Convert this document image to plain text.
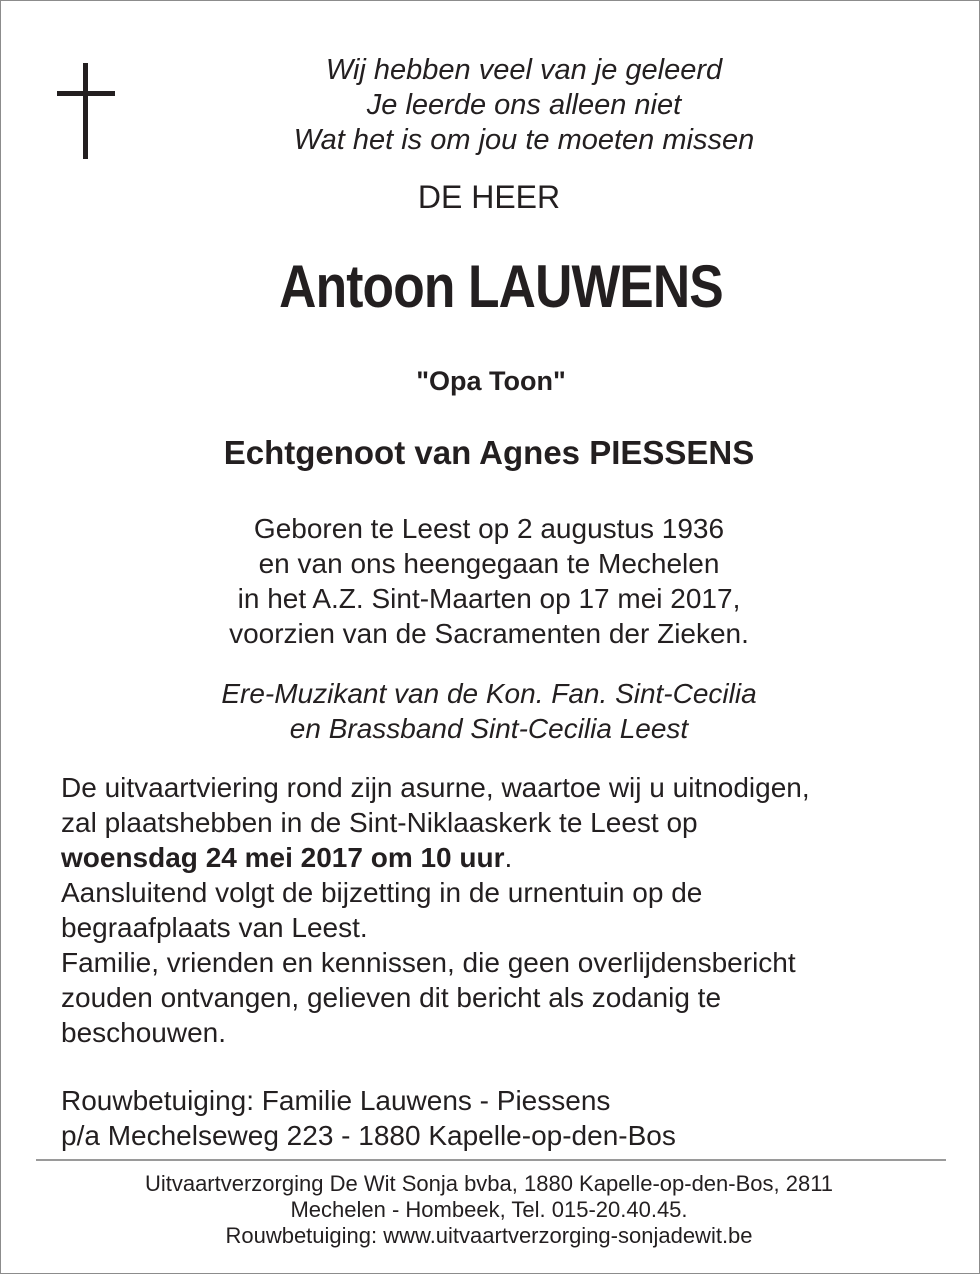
Wij hebben veel van je geleerd
Je leerde ons alleen niet
Wat het is om jou te moeten missen
DE HEER
Antoon LAUWENS
"Opa Toon"
Echtgenoot van Agnes PIESSENS
Geboren te Leest op 2 augustus 1936
en van ons heengegaan te Mechelen
in het A.Z. Sint-Maarten op 17 mei 2017,
voorzien van de Sacramenten der Zieken.
Ere-Muzikant van de Kon. Fan. Sint-Cecilia
en Brassband Sint-Cecilia Leest

De uitvaartviering rond zijn asurne, waartoe wij u uitnodigen,

zal plaatshebben in de Sint-Niklaaskerk te Leest op

woensdag 24 mei 2017 om 10 uur.

Aansluitend volgt de bijzetting in de urnentuin op de

begraafplaats van Leest.

Familie, vrienden en kennissen, die geen overlijdensbericht

zouden ontvangen, gelieven dit bericht als zodanig te

beschouwen.

Rouwbetuiging: Familie Lauwens - Piessens

p/a Mechelseweg 223 - 1880 Kapelle-op-den-Bos

Uitvaartverzorging De Wit Sonja bvba, 1880 Kapelle-op-den-Bos, 2811
Mechelen - Hombeek, Tel. 015-20.40.45.
Rouwbetuiging: www.uitvaartverzorging-sonjadewit.be
